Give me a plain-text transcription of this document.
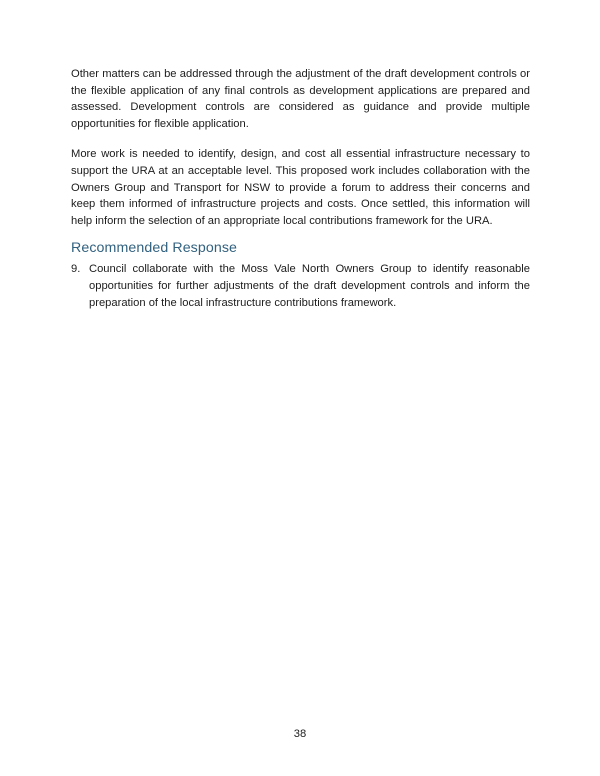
Other matters can be addressed through the adjustment of the draft development controls or the flexible application of any final controls as development applications are prepared and assessed. Development controls are considered as guidance and provide multiple opportunities for flexible application.

More work is needed to identify, design, and cost all essential infrastructure necessary to support the URA at an acceptable level. This proposed work includes collaboration with the Owners Group and Transport for NSW to provide a forum to address their concerns and keep them informed of infrastructure projects and costs. Once settled, this information will help inform the selection of an appropriate local contributions framework for the URA.

Recommended Response
9. Council collaborate with the Moss Vale North Owners Group to identify reasonable opportunities for further adjustments of the draft development controls and inform the preparation of the local infrastructure contributions framework.
38
